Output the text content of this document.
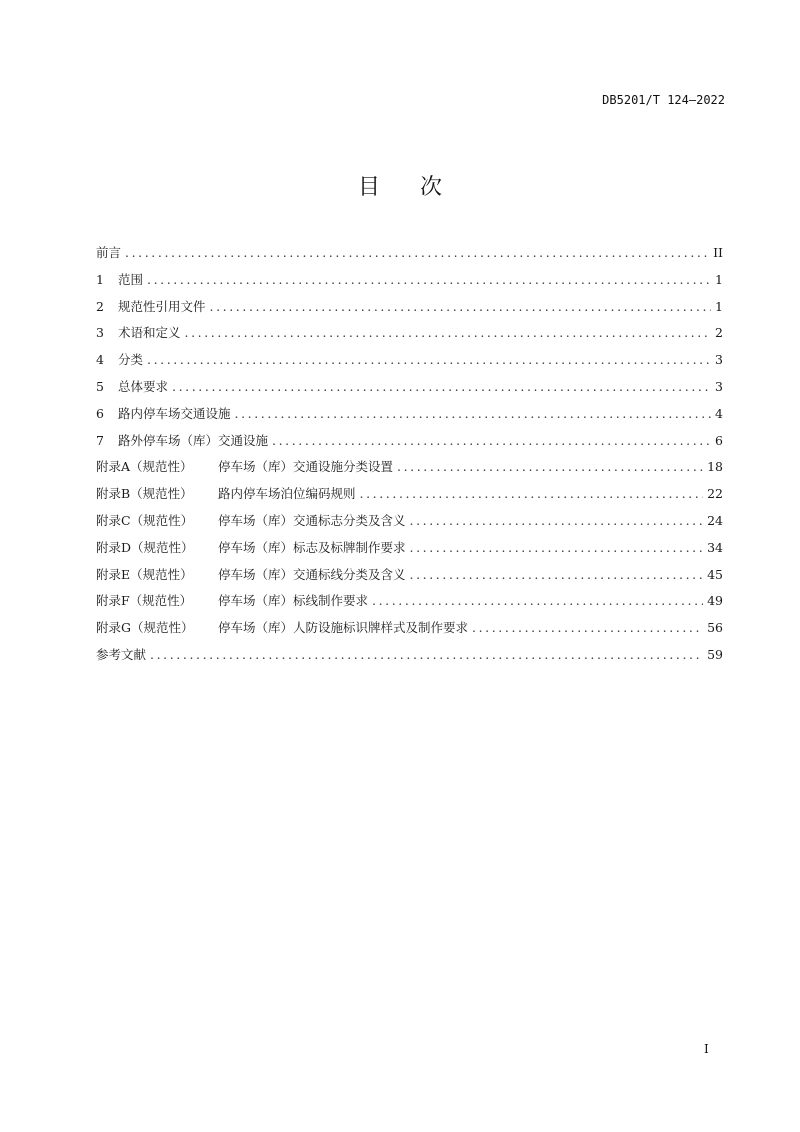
DB5201/T 124—2022
目次
前言 .....	II
1	范围 .....	1
2	规范性引用文件 .....	1
3	术语和定义 .....	2
4	分类 .....	3
5	总体要求 .....	3
6	路内停车场交通设施 .....	4
7	路外停车场（库）交通设施 .....	6
附录A（规范性）	停车场（库）交通设施分类设置 .....	18
附录B（规范性）	路内停车场泊位编码规则 .....	22
附录C（规范性）	停车场（库）交通标志分类及含义 .....	24
附录D（规范性）	停车场（库）标志及标牌制作要求 .....	34
附录E（规范性）	停车场（库）交通标线分类及含义 .....	45
附录F（规范性）	停车场（库）标线制作要求 .....	49
附录G（规范性）	停车场（库）人防设施标识牌样式及制作要求 .....	56
参考文献 .....	59
I
